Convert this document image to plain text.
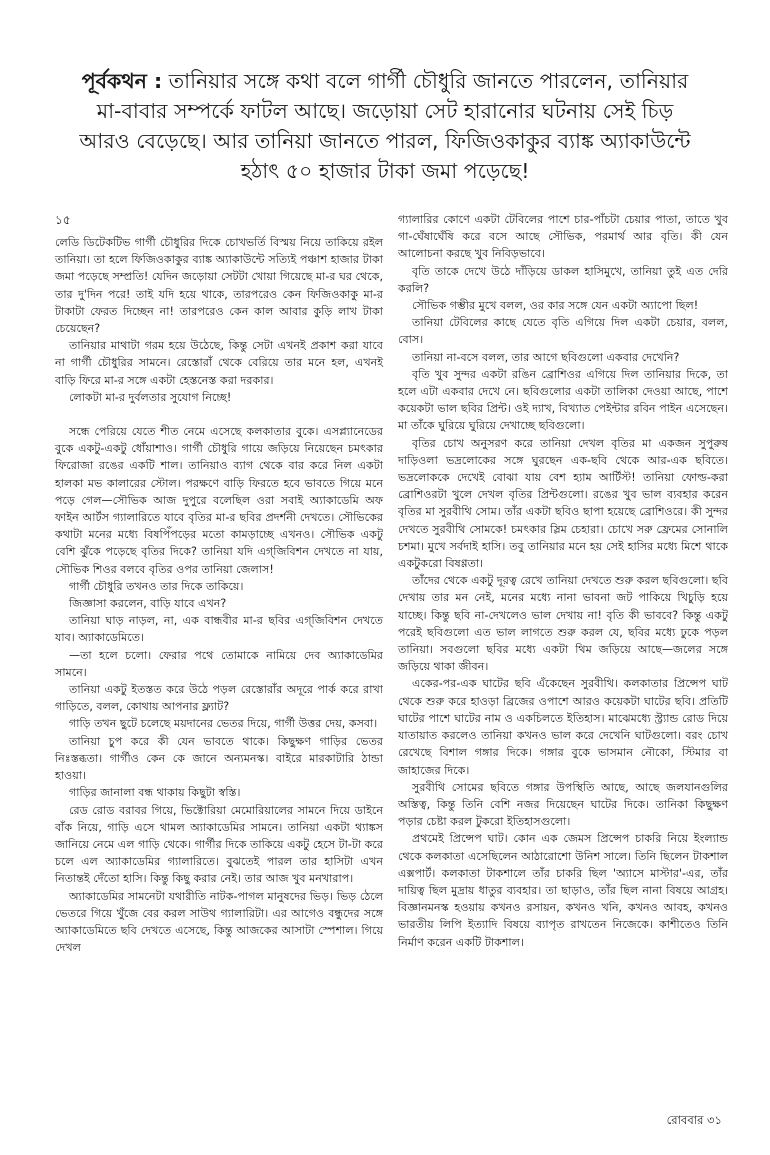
পূর্বকথন : তানিয়ার সঙ্গে কথা বলে গার্গী চৌধুরি জানতে পারলেন, তানিয়ার মা-বাবার সম্পর্কে ফাটল আছে। জড়োয়া সেট হারানোর ঘটনায় সেই চিড় আরও বেড়েছে। আর তানিয়া জানতে পারল, ফিজিওকাকুর ব্যাঙ্ক অ্যাকাউন্টে হঠাৎ ৫০ হাজার টাকা জমা পড়েছে!
১৫

লেডি ডিটেকটিভ গার্গী চৌধুরির দিকে চোখভর্তি বিস্ময় নিয়ে তাকিয়ে রইল তানিয়া। তা হলে ফিজিওকাকুর ব্যাঙ্ক অ্যাকাউন্টে সত্যিই পঞ্চাশ হাজার টাকা জমা পড়েছে সম্প্রতি! যেদিন জড়োয়া সেটটা খোয়া গিয়েছে মা-র ঘর থেকে, তার দু'দিন পরে! তাই যদি হয়ে থাকে, তারপরেও কেন ফিজিওকাকু মা-র টাকাটা ফেরত দিচ্ছেন না! তারপরেও কেন কাল আবার কুড়ি লাখ টাকা চেয়েছেন?

তানিয়ার মাথাটা গরম হয়ে উঠেছে, কিন্তু সেটা এখনই প্রকাশ করা যাবে না গার্গী চৌধুরির সামনে। রেস্তোরাঁ থেকে বেরিয়ে তার মনে হল, এখনই বাড়ি ফিরে মা-র সঙ্গে একটা হেস্তনেস্ত করা দরকার।

লোকটা মা-র দুর্বলতার সুযোগ নিচ্ছে!

সন্ধে পেরিয়ে যেতে শীত নেমে এসেছে কলকাতার বুকে। এসপ্ল্যানেডের বুকে একটু-একটু ধোঁয়াশাও। গার্গী চৌধুরি গায়ে জড়িয়ে নিয়েছেন চমৎকার ফিরোজা রঙের একটি শাল। তানিয়াও ব্যাগ থেকে বার করে নিল একটা হালকা মভ কালারের স্টোল। পরক্ষণে বাড়ি ফিরতে হবে ভাবতে গিয়ে মনে পড়ে গেল—সৌভিক আজ দুপুরে বলেছিল ওরা সবাই অ্যাকাডেমি অফ ফাইন আর্টস গ্যালারিতে যাবে বৃতির মা-র ছবির প্রদর্শনী দেখতে। সৌভিকের কথাটা মনের মধ্যে বিষপিঁপড়ের মতো কামড়াচ্ছে এখনও। সৌভিক একটু বেশি ঝুঁকে পড়েছে বৃতির দিকে? তানিয়া যদি এগ্‌জিবিশন দেখতে না যায়, সৌভিক শিওর বলবে বৃতির ওপর তানিয়া জেলাস!

গার্গী চৌধুরি তখনও তার দিকে তাকিয়ে।

জিজ্ঞাসা করলেন, বাড়ি যাবে এখন?

তানিয়া ঘাড় নাড়ল, না, এক বান্ধবীর মা-র ছবির এগ্‌জিবিশন দেখতে যাব। অ্যাকাডেমিতে।

—তা হলে চলো। ফেরার পথে তোমাকে নামিয়ে দেব অ্যাকাডেমির সামনে।

তানিয়া একটু ইতস্তত করে উঠে পড়ল রেস্তোরাঁর অদূরে পার্ক করে রাখা গাড়িতে, বলল, কোথায় আপনার ফ্ল্যাট?

গাড়ি তখন ছুটে চলেছে ময়দানের ভেতর দিয়ে, গার্গী উত্তর দেয়, কসবা।

তানিয়া চুপ করে কী যেন ভাবতে থাকে। কিছুক্ষণ গাড়ির ভেতর নিঃস্তব্ধতা। গার্গীও কেন কে জানে অন্যমনস্ক। বাইরে মারকাটারি ঠান্ডা হাওয়া।

গাড়ির জানালা বন্ধ থাকায় কিছুটা স্বস্তি।

রেড রোড বরাবর গিয়ে, ভিক্টোরিয়া মেমোরিয়ালের সামনে দিয়ে ডাইনে বাঁক নিয়ে, গাড়ি এসে থামল অ্যাকাডেমির সামনে। তানিয়া একটা থ্যাঙ্কস জানিয়ে নেমে এল গাড়ি থেকে। গার্গীর দিকে তাকিয়ে একটু হেসে টা-টা করে চলে এল অ্যাকাডেমির গ্যালারিতে। বুঝতেই পারল তার হাসিটা এখন নিতান্তই দেঁতো হাসি। কিন্তু কিছু করার নেই। তার আজ খুব মনখারাপ।

অ্যাকাডেমির সামনেটা যথারীতি নাটক-পাগল মানুষদের ভিড়। ভিড় ঠেলে ভেতরে গিয়ে খুঁজে বের করল সাউথ গ্যালারিটা। এর আগেও বন্ধুদের সঙ্গে অ্যাকাডেমিতে ছবি দেখতে এসেছে, কিন্তু আজকের আসাটা স্পেশাল। গিয়ে দেখল

গ্যালারির কোণে একটা টেবিলের পাশে চার-পাঁচটা চেয়ার পাতা, তাতে খুব গা-ঘেঁষাঘেঁষি করে বসে আছে সৌভিক, পরমার্থ আর বৃতি। কী যেন আলোচনা করছে খুব নিবিড়ভাবে।

বৃতি তাকে দেখে উঠে দাঁড়িয়ে ডাকল হাসিমুখে, তানিয়া তুই এত দেরি করলি?

সৌভিক গম্ভীর মুখে বলল, ওর কার সঙ্গে যেন একটা অ্যাপো ছিল!

তানিয়া টেবিলের কাছে যেতে বৃতি এগিয়ে দিল একটা চেয়ার, বলল, বোস।

তানিয়া না-বসে বলল, তার আগে ছবিগুলো একবার দেখেনি?

বৃতি খুব সুন্দর একটা রঙিন ব্রোশিওর এগিয়ে দিল তানিয়ার দিকে, তা হলে এটা একবার দেখে নে। ছবিগুলোর একটা তালিকা দেওয়া আছে, পাশে কয়েকটা ভাল ছবির প্রিন্ট। ওই দ্যাখ, বিখ্যাত পেইন্টার রবিন পাইন এসেছেন। মা তাঁকে ঘুরিয়ে ঘুরিয়ে দেখাচ্ছে ছবিগুলো।

বৃতির চোখ অনুসরণ করে তানিয়া দেখল বৃতির মা একজন সুপুরুষ দাড়িওলা ভদ্রলোকের সঙ্গে ঘুরছেন এক-ছবি থেকে আর-এক ছবিতে। ভদ্রলোককে দেখেই বোঝা যায় বেশ হ্যাম আর্টিস্ট! তানিয়া ফোল্ড-করা ব্রোশিওরটা খুলে দেখল বৃতির প্রিন্টগুলো। রঙের খুব ভাল ব্যবহার করেন বৃতির মা সুরবীথি সোম। তাঁর একটা ছবিও ছাপা হয়েছে ব্রোশিওরে। কী সুন্দর দেখতে সুরবীথি সোমকে! চমৎকার স্লিম চেহারা। চোখে সরু ফ্রেমের সোনালি চশমা। মুখে সর্বদাই হাসি। তবু তানিয়ার মনে হয় সেই হাসির মধ্যে মিশে থাকে একটুকরো বিষণ্ণতা।

তাঁদের থেকে একটু দূরত্ব রেখে তানিয়া দেখতে শুরু করল ছবিগুলো। ছবি দেখায় তার মন নেই, মনের মধ্যে নানা ভাবনা জট পাকিয়ে খিচুড়ি হয়ে যাচ্ছে। কিন্তু ছবি না-দেখলেও ভাল দেখায় না! বৃতি কী ভাববে? কিন্তু একটু পরেই ছবিগুলো এত ভাল লাগতে শুরু করল যে, ছবির মধ্যে ঢুকে পড়ল তানিয়া। সবগুলো ছবির মধ্যে একটা থিম জড়িয়ে আছে—জলের সঙ্গে জড়িয়ে থাকা জীবন।

একের-পর-এক ঘাটের ছবি এঁকেছেন সুরবীথি। কলকাতার প্রিন্সেপ ঘাট থেকে শুরু করে হাওড়া ব্রিজের ওপাশে আরও কয়েকটা ঘাটের ছবি। প্রতিটি ঘাটের পাশে ঘাটের নাম ও একচিলতে ইতিহাস। মাঝেমধ্যে স্ট্র্যান্ড রোড দিয়ে যাতায়াত করলেও তানিয়া কখনও ভাল করে দেখেনি ঘাটগুলো। বরং চোখ রেখেছে বিশাল গঙ্গার দিকে। গঙ্গার বুকে ভাসমান নৌকো, স্টিমার বা জাহাজের দিকে।

সুরবীথি সোমের ছবিতে গঙ্গার উপস্থিতি আছে, আছে জলযানগুলির অস্তিত্ব, কিন্তু তিনি বেশি নজর দিয়েছেন ঘাটের দিকে। তানিকা কিছুক্ষণ পড়ার চেষ্টা করল টুকরো ইতিহাসগুলো।

প্রথমেই প্রিন্সেপ ঘাট। কোন এক জেমস প্রিন্সেপ চাকরি নিয়ে ইংল্যান্ড থেকে কলকাতা এসেছিলেন আঠারোশো উনিশ সালে। তিনি ছিলেন টাকশাল এক্সপার্ট। কলকাতা টাকশালে তাঁর চাকরি ছিল 'অ্যাসে মাস্টার'-এর, তাঁর দায়িত্ব ছিল মুদ্রায় ধাতুর ব্যবহার। তা ছাড়াও, তাঁর ছিল নানা বিষয়ে আগ্রহ। বিজ্ঞানমনস্ক হওয়ায় কখনও রসায়ন, কখনও খনি, কখনও আবহ, কখনও ভারতীয় লিপি ইত্যাদি বিষয়ে ব্যাপৃত রাখতেন নিজেকে। কাশীতেও তিনি নির্মাণ করেন একটি টাকশাল।

রোববার ৩১
